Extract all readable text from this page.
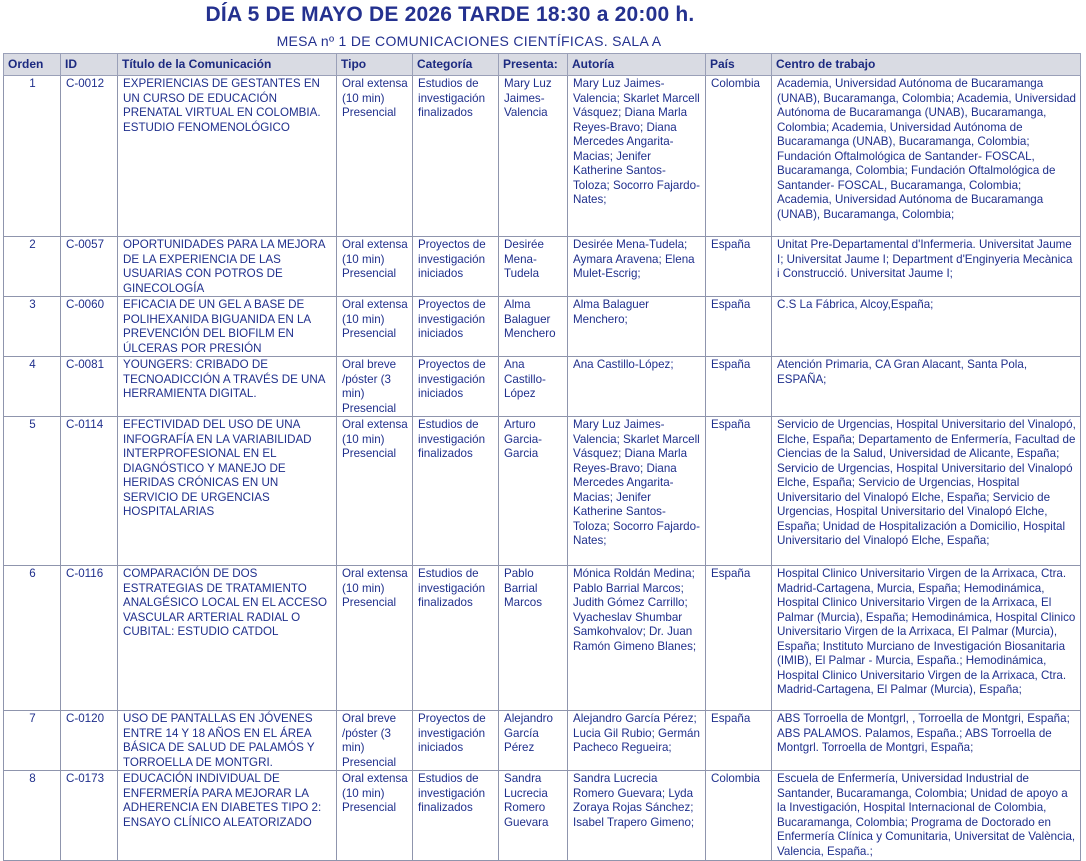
DÍA 5 DE MAYO DE 2026 TARDE 18:30 a 20:00 h.
MESA nº 1 DE COMUNICACIONES CIENTÍFICAS. SALA A
Orden	ID	Título de la Comunicación	Tipo	Categoría	Presenta:	Autoría	País	Centro de trabajo
1	C-0012	EXPERIENCIAS DE GESTANTES EN UN CURSO DE EDUCACIÓN PRENATAL VIRTUAL EN COLOMBIA. ESTUDIO FENOMENOLÓGICO	Oral extensa (10 min) Presencial	Estudios de investigación finalizados	Mary Luz Jaimes-Valencia	Mary Luz Jaimes-Valencia; Skarlet Marcell Vásquez; Diana Marla Reyes-Bravo; Diana Mercedes Angarita-Macias; Jenifer Katherine Santos-Toloza; Socorro Fajardo-Nates;	Colombia	Academia, Universidad Autónoma de Bucaramanga (UNAB), Bucaramanga, Colombia; Academia, Universidad Autónoma de Bucaramanga (UNAB), Bucaramanga, Colombia; Academia, Universidad Autónoma de Bucaramanga (UNAB), Bucaramanga, Colombia; Fundación Oftalmológica de Santander- FOSCAL, Bucaramanga, Colombia; Fundación Oftalmológica de Santander- FOSCAL, Bucaramanga, Colombia; Academia, Universidad Autónoma de Bucaramanga (UNAB), Bucaramanga, Colombia;
2	C-0057	OPORTUNIDADES PARA LA MEJORA DE LA EXPERIENCIA DE LAS USUARIAS CON POTROS DE GINECOLOGÍA	Oral extensa (10 min) Presencial	Proyectos de investigación iniciados	Desirée Mena-Tudela	Desirée Mena-Tudela; Aymara Aravena; Elena Mulet-Escrig;	España	Unitat Pre-Departamental d'Infermeria. Universitat Jaume I; Universitat Jaume I; Department d'Enginyeria Mecànica i Construcció. Universitat Jaume I;
3	C-0060	EFICACIA DE UN GEL A BASE DE POLIHEXANIDA BIGUANIDA EN LA PREVENCIÓN DEL BIOFILM EN ÚLCERAS POR PRESIÓN	Oral extensa (10 min) Presencial	Proyectos de investigación iniciados	Alma Balaguer Menchero	Alma Balaguer Menchero;	España	C.S La Fábrica, Alcoy,España;
4	C-0081	YOUNGERS: CRIBADO DE TECNOADICCIÓN A TRAVÉS DE UNA HERRAMIENTA DIGITAL.	Oral breve /póster (3 min) Presencial	Proyectos de investigación iniciados	Ana Castillo-López	Ana Castillo-López;	España	Atención Primaria, CA Gran Alacant, Santa Pola, ESPAÑA;
5	C-0114	EFECTIVIDAD DEL USO DE UNA INFOGRAFÍA EN LA VARIABILIDAD INTERPROFESIONAL EN EL DIAGNÓSTICO Y MANEJO DE HERIDAS CRÓNICAS EN UN SERVICIO DE URGENCIAS HOSPITALARIAS	Oral extensa (10 min) Presencial	Estudios de investigación finalizados	Arturo Garcia-Garcia	Mary Luz Jaimes-Valencia; Skarlet Marcell Vásquez; Diana Marla Reyes-Bravo; Diana Mercedes Angarita-Macias; Jenifer Katherine Santos-Toloza; Socorro Fajardo-Nates;	España	Servicio de Urgencias, Hospital Universitario del Vinalopó, Elche, España; Departamento de Enfermería, Facultad de Ciencias de la Salud, Universidad de Alicante, España; Servicio de Urgencias, Hospital Universitario del Vinalopó Elche, España; Servicio de Urgencias, Hospital Universitario del Vinalopó Elche, España; Servicio de Urgencias, Hospital Universitario del Vinalopó Elche, España; Unidad de Hospitalización a Domicilio, Hospital Universitario del Vinalopó Elche, España;
6	C-0116	COMPARACIÓN DE DOS ESTRATEGIAS DE TRATAMIENTO ANALGÉSICO LOCAL EN EL ACCESO VASCULAR ARTERIAL RADIAL O CUBITAL: ESTUDIO CATDOL	Oral extensa (10 min) Presencial	Estudios de investigación finalizados	Pablo Barrial Marcos	Mónica Roldán Medina; Pablo Barrial Marcos; Judith Gómez Carrillo; Vyacheslav Shumbar Samkohvalov; Dr. Juan Ramón Gimeno Blanes;	España	Hospital Clinico Universitario Virgen de la Arrixaca, Ctra. Madrid-Cartagena, Murcia, España; Hemodinámica, Hospital Clinico Universitario Virgen de la Arrixaca, El Palmar (Murcia), España; Hemodinámica, Hospital Clinico Universitario Virgen de la Arrixaca, El Palmar (Murcia), España; Instituto Murciano de Investigación Biosanitaria (IMIB), El Palmar - Murcia, España.; Hemodinámica, Hospital Clinico Universitario Virgen de la Arrixaca, Ctra. Madrid-Cartagena, El Palmar (Murcia), España;
7	C-0120	USO DE PANTALLAS EN JÓVENES ENTRE 14 Y 18 AÑOS EN EL ÁREA BÁSICA DE SALUD DE PALAMÓS Y TORROELLA DE MONTGRI.	Oral breve /póster (3 min) Presencial	Proyectos de investigación iniciados	Alejandro García Pérez	Alejandro García Pérez; Lucia Gil Rubio; Germán Pacheco Regueira;	España	ABS Torroella de Montgrl, , Torroella de Montgri, España; ABS PALAMOS. Palamos, España.; ABS Torroella de Montgrl. Torroella de Montgri, España;
8	C-0173	EDUCACIÓN INDIVIDUAL DE ENFERMERÍA PARA MEJORAR LA ADHERENCIA EN DIABETES TIPO 2: ENSAYO CLÍNICO ALEATORIZADO	Oral extensa (10 min) Presencial	Estudios de investigación finalizados	Sandra Lucrecia Romero Guevara	Sandra Lucrecia Romero Guevara; Lyda Zoraya Rojas Sánchez; Isabel Trapero Gimeno;	Colombia	Escuela de Enfermería, Universidad Industrial de Santander, Bucaramanga, Colombia; Unidad de apoyo a la Investigación, Hospital Internacional de Colombia, Bucaramanga, Colombia; Programa de Doctorado en Enfermería Clínica y Comunitaria, Universitat de València, Valencia, España.;
